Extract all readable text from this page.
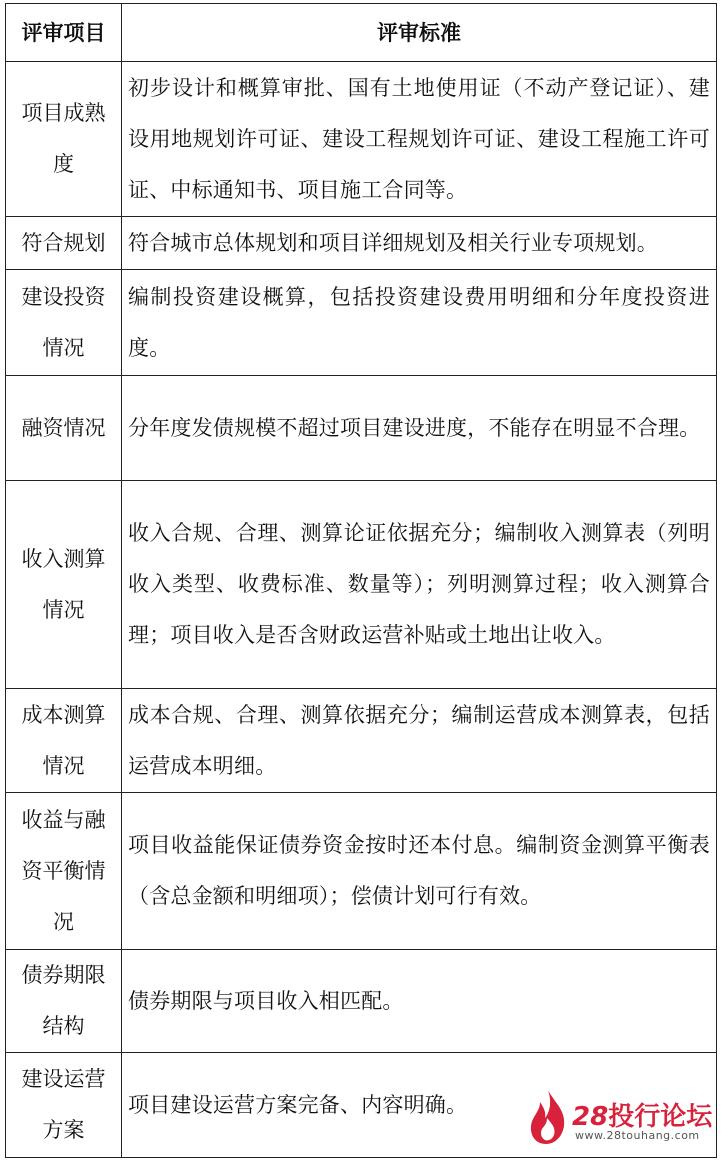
评审项目	评审标准
项目成熟度	初步设计和概算审批、国有土地使用证（不动产登记证）、建设用地规划许可证、建设工程规划许可证、建设工程施工许可证、中标通知书、项目施工合同等。
符合规划	符合城市总体规划和项目详细规划及相关行业专项规划。
建设投资情况	编制投资建设概算，包括投资建设费用明细和分年度投资进度。
融资情况	分年度发债规模不超过项目建设进度，不能存在明显不合理。
收入测算情况	收入合规、合理、测算论证依据充分；编制收入测算表（列明收入类型、收费标准、数量等）；列明测算过程；收入测算合理；项目收入是否含财政运营补贴或土地出让收入。
成本测算情况	成本合规、合理、测算依据充分；编制运营成本测算表，包括运营成本明细。
收益与融资平衡情况	项目收益能保证债券资金按时还本付息。编制资金测算平衡表（含总金额和明细项）；偿债计划可行有效。
债券期限结构	债券期限与项目收入相匹配。
建设运营方案	项目建设运营方案完备、内容明确。	28投行论坛
www.28touhang.com
